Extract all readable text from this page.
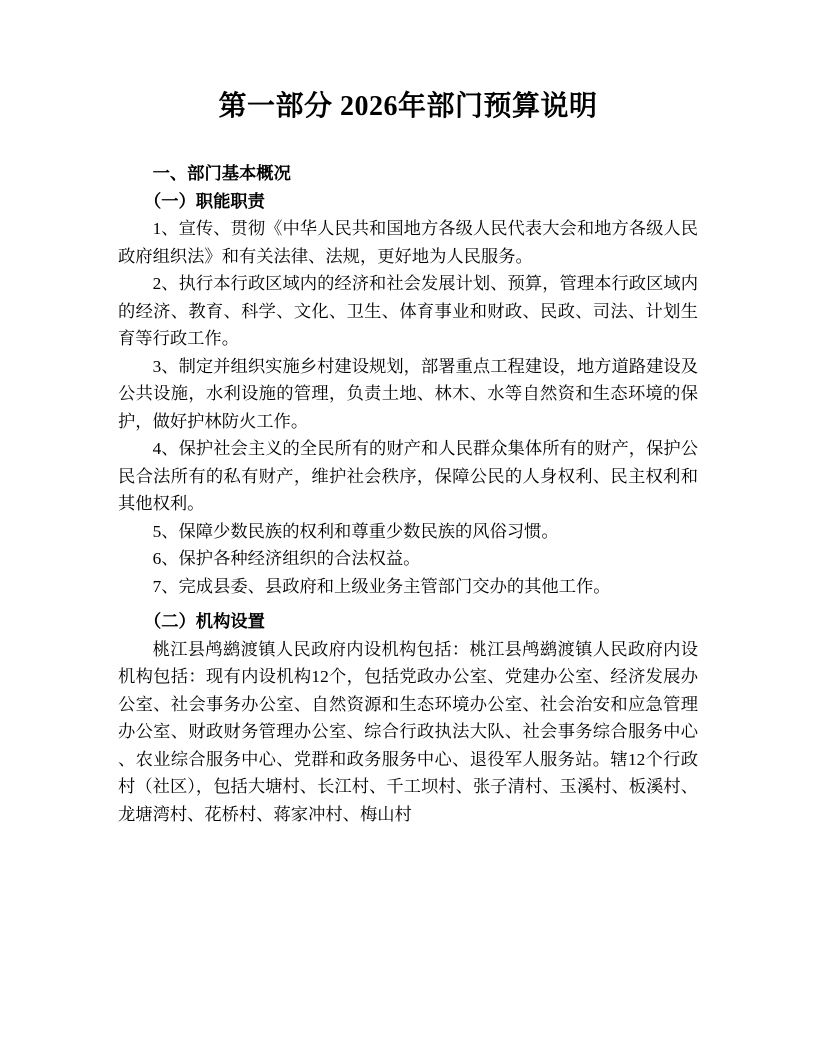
第一部分 2026年部门预算说明
一、部门基本概况
（一）职能职责

1、宣传、贯彻《中华人民共和国地方各级人民代表大会和地方各级人民政府组织法》和有关法律、法规，更好地为人民服务。

2、执行本行政区域内的经济和社会发展计划、预算，管理本行政区域内的经济、教育、科学、文化、卫生、体育事业和财政、民政、司法、计划生育等行政工作。

3、制定并组织实施乡村建设规划，部署重点工程建设，地方道路建设及公共设施，水利设施的管理，负责土地、林木、水等自然资和生态环境的保护，做好护林防火工作。

4、保护社会主义的全民所有的财产和人民群众集体所有的财产，保护公民合法所有的私有财产，维护社会秩序，保障公民的人身权利、民主权利和其他权利。

5、保障少数民族的权利和尊重少数民族的风俗习惯。

6、保护各种经济组织的合法权益。

7、完成县委、县政府和上级业务主管部门交办的其他工作。

（二）机构设置

桃江县鸬鹚渡镇人民政府内设机构包括：桃江县鸬鹚渡镇人民政府内设机构包括：现有内设机构12个，包括党政办公室、党建办公室、经济发展办公室、社会事务办公室、自然资源和生态环境办公室、社会治安和应急管理办公室、财政财务管理办公室、综合行政执法大队、社会事务综合服务中心、农业综合服务中心、党群和政务服务中心、退役军人服务站。辖12个行政村（社区），包括大塘村、长江村、千工坝村、张子清村、玉溪村、板溪村、龙塘湾村、花桥村、蒋家冲村、梅山村
